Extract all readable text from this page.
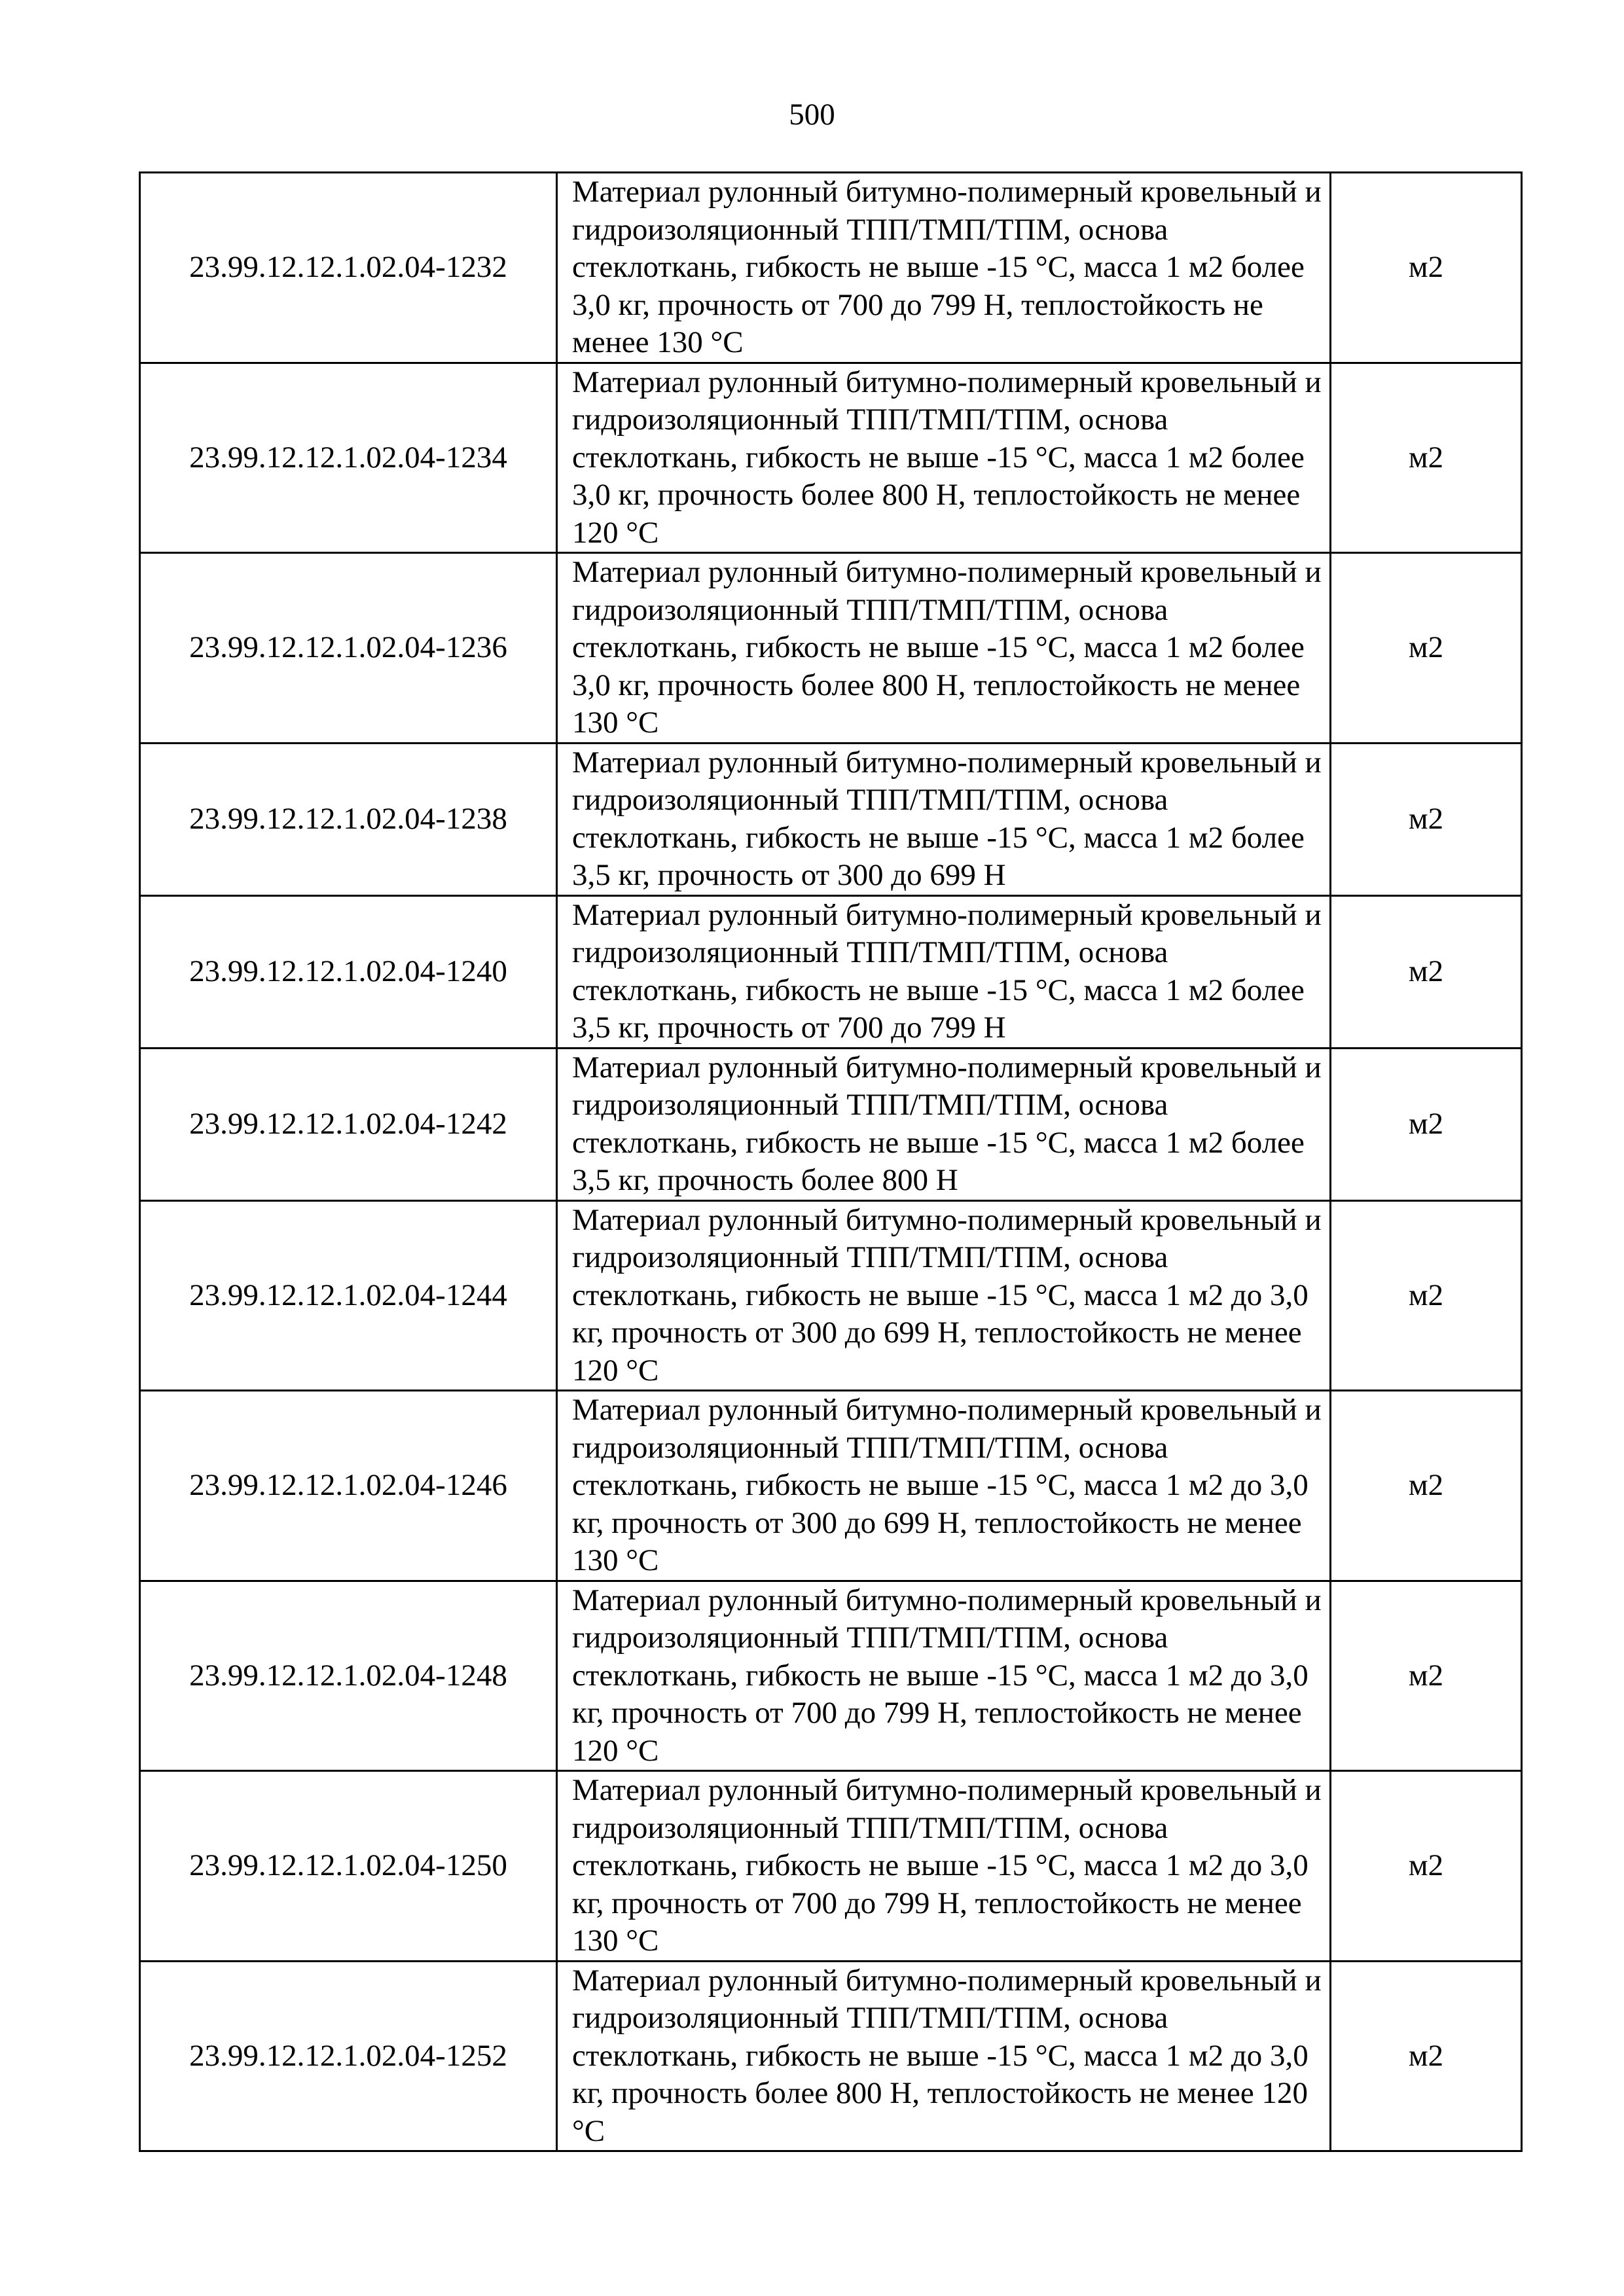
500
23.99.12.12.1.02.04-1232	Материал рулонный битумно-полимерный кровельный и гидроизоляционный ТПП/ТМП/ТПМ, основа стеклоткань, гибкость не выше -15 °С, масса 1 м2 более 3,0 кг, прочность от 700 до 799 Н, теплостойкость не менее 130 °С	м2
23.99.12.12.1.02.04-1234	Материал рулонный битумно-полимерный кровельный и гидроизоляционный ТПП/ТМП/ТПМ, основа стеклоткань, гибкость не выше -15 °С, масса 1 м2 более 3,0 кг, прочность более 800 Н, теплостойкость не менее 120 °С	м2
23.99.12.12.1.02.04-1236	Материал рулонный битумно-полимерный кровельный и гидроизоляционный ТПП/ТМП/ТПМ, основа стеклоткань, гибкость не выше -15 °С, масса 1 м2 более 3,0 кг, прочность более 800 Н, теплостойкость не менее 130 °С	м2
23.99.12.12.1.02.04-1238	Материал рулонный битумно-полимерный кровельный и гидроизоляционный ТПП/ТМП/ТПМ, основа стеклоткань, гибкость не выше -15 °С, масса 1 м2 более 3,5 кг, прочность от 300 до 699 Н	м2
23.99.12.12.1.02.04-1240	Материал рулонный битумно-полимерный кровельный и гидроизоляционный ТПП/ТМП/ТПМ, основа стеклоткань, гибкость не выше -15 °С, масса 1 м2 более 3,5 кг, прочность от 700 до 799 Н	м2
23.99.12.12.1.02.04-1242	Материал рулонный битумно-полимерный кровельный и гидроизоляционный ТПП/ТМП/ТПМ, основа стеклоткань, гибкость не выше -15 °С, масса 1 м2 более 3,5 кг, прочность более 800 Н	м2
23.99.12.12.1.02.04-1244	Материал рулонный битумно-полимерный кровельный и гидроизоляционный ТПП/ТМП/ТПМ, основа стеклоткань, гибкость не выше -15 °С, масса 1 м2 до 3,0 кг, прочность от 300 до 699 Н, теплостойкость не менее 120 °С	м2
23.99.12.12.1.02.04-1246	Материал рулонный битумно-полимерный кровельный и гидроизоляционный ТПП/ТМП/ТПМ, основа стеклоткань, гибкость не выше -15 °С, масса 1 м2 до 3,0 кг, прочность от 300 до 699 Н, теплостойкость не менее 130 °С	м2
23.99.12.12.1.02.04-1248	Материал рулонный битумно-полимерный кровельный и гидроизоляционный ТПП/ТМП/ТПМ, основа стеклоткань, гибкость не выше -15 °С, масса 1 м2 до 3,0 кг, прочность от 700 до 799 Н, теплостойкость не менее 120 °С	м2
23.99.12.12.1.02.04-1250	Материал рулонный битумно-полимерный кровельный и гидроизоляционный ТПП/ТМП/ТПМ, основа стеклоткань, гибкость не выше -15 °С, масса 1 м2 до 3,0 кг, прочность от 700 до 799 Н, теплостойкость не менее 130 °С	м2
23.99.12.12.1.02.04-1252	Материал рулонный битумно-полимерный кровельный и гидроизоляционный ТПП/ТМП/ТПМ, основа стеклоткань, гибкость не выше -15 °С, масса 1 м2 до 3,0 кг, прочность более 800 Н, теплостойкость не менее 120 °С	м2
